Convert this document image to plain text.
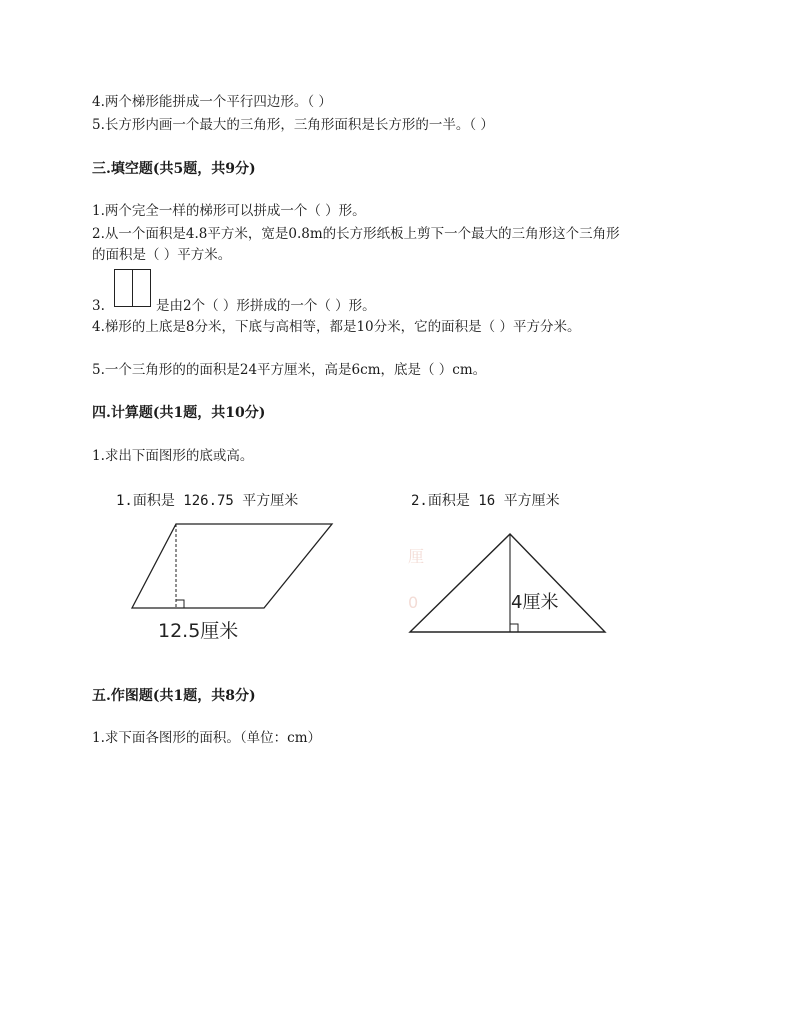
4.两个梯形能拼成一个平行四边形。（ ）
5.长方形内画一个最大的三角形，三角形面积是长方形的一半。（ ）
三.填空题(共5题，共9分)
1.两个完全一样的梯形可以拼成一个（ ）形。
2.从一个面积是4.8平方米，宽是0.8m的长方形纸板上剪下一个最大的三角形这个三角形
的面积是（ ）平方米。
3.	是由2个（ ）形拼成的一个（ ）形。
4.梯形的上底是8分米，下底与高相等，都是10分米，它的面积是（ ）平方分米。
5.一个三角形的的面积是24平方厘米，高是6cm，底是（ ）cm。
四.计算题(共1题，共10分)
1.求出下面图形的底或高。
1.面积是 126.75 平方厘米	2.面积是 16 平方厘米
12.5厘米
厘
0	4厘米
五.作图题(共1题，共8分)
1.求下面各图形的面积。（单位：cm）
